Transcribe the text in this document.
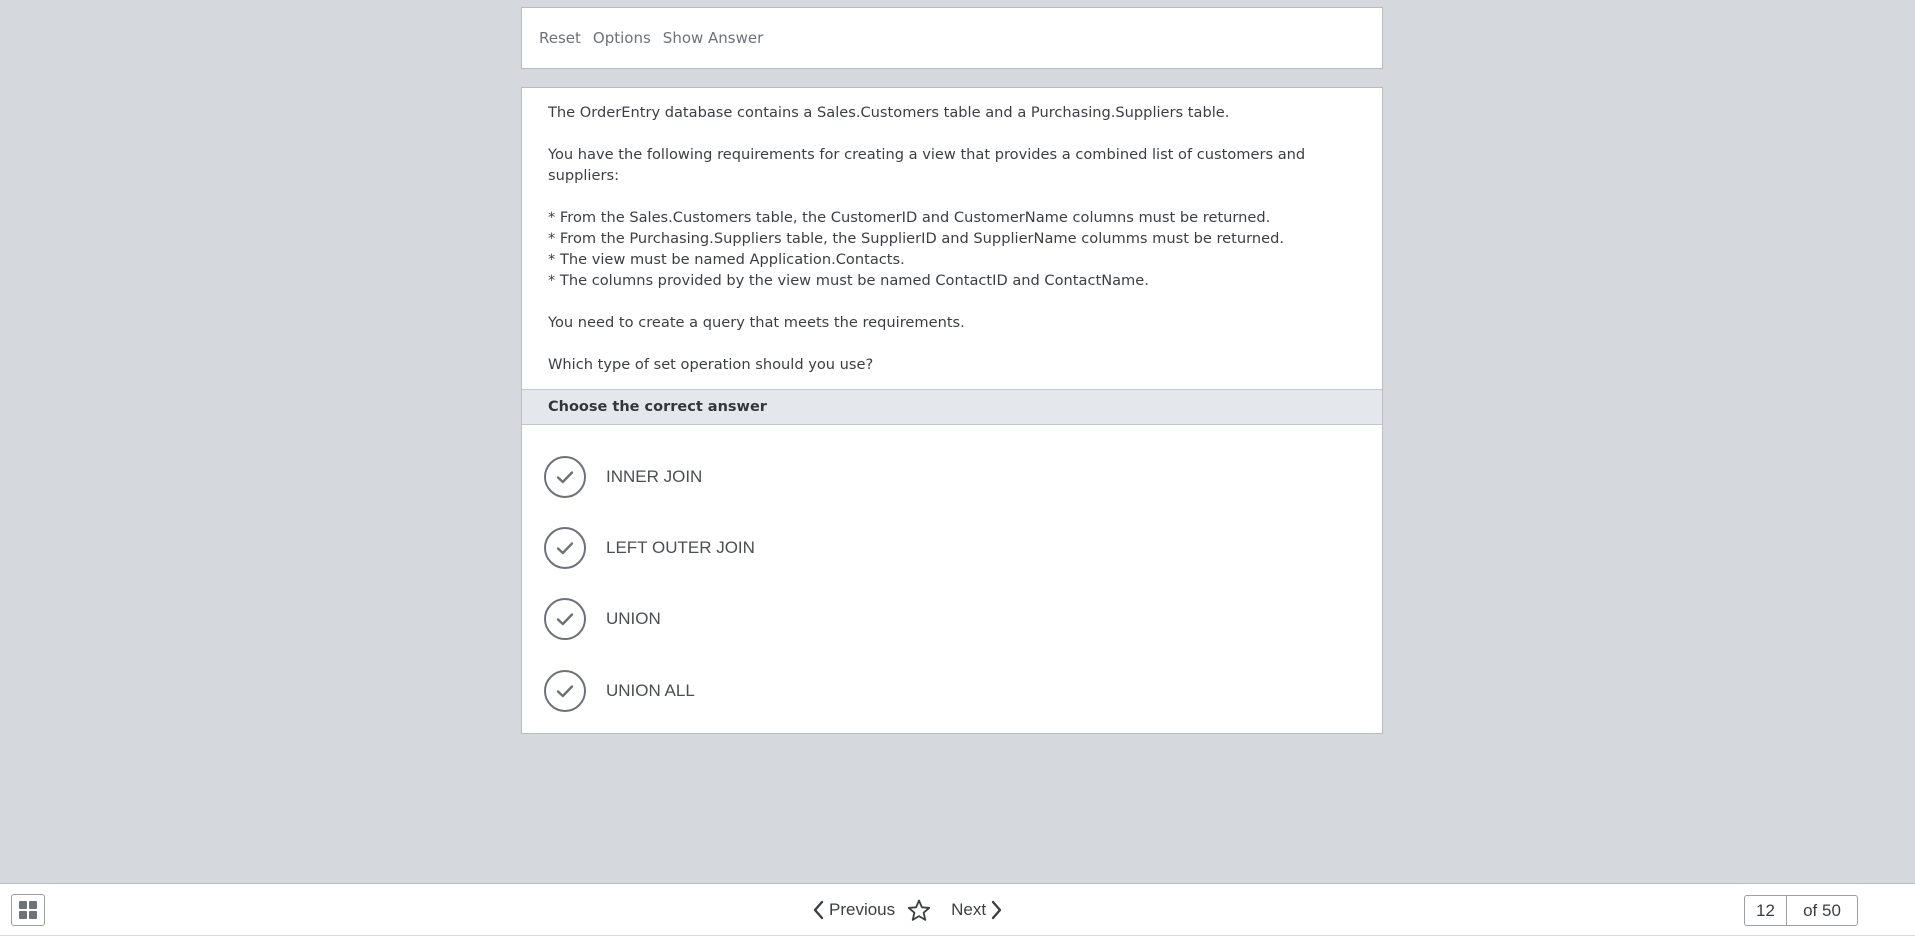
Reset Options Show Answer

The OrderEntry database contains a Sales.Customers table and a Purchasing.Suppliers table.

You have the following requirements for creating a view that provides a combined list of customers and suppliers:

* From the Sales.Customers table, the CustomerID and CustomerName columns must be returned.
* From the Purchasing.Suppliers table, the SupplierID and SupplierName columms must be returned.
* The view must be named Application.Contacts.
* The columns provided by the view must be named ContactID and ContactName.

You need to create a query that meets the requirements.

Which type of set operation should you use?

Choose the correct answer
INNER JOIN
LEFT OUTER JOIN
UNION
UNION ALL
Previous	Next	12	of 50
